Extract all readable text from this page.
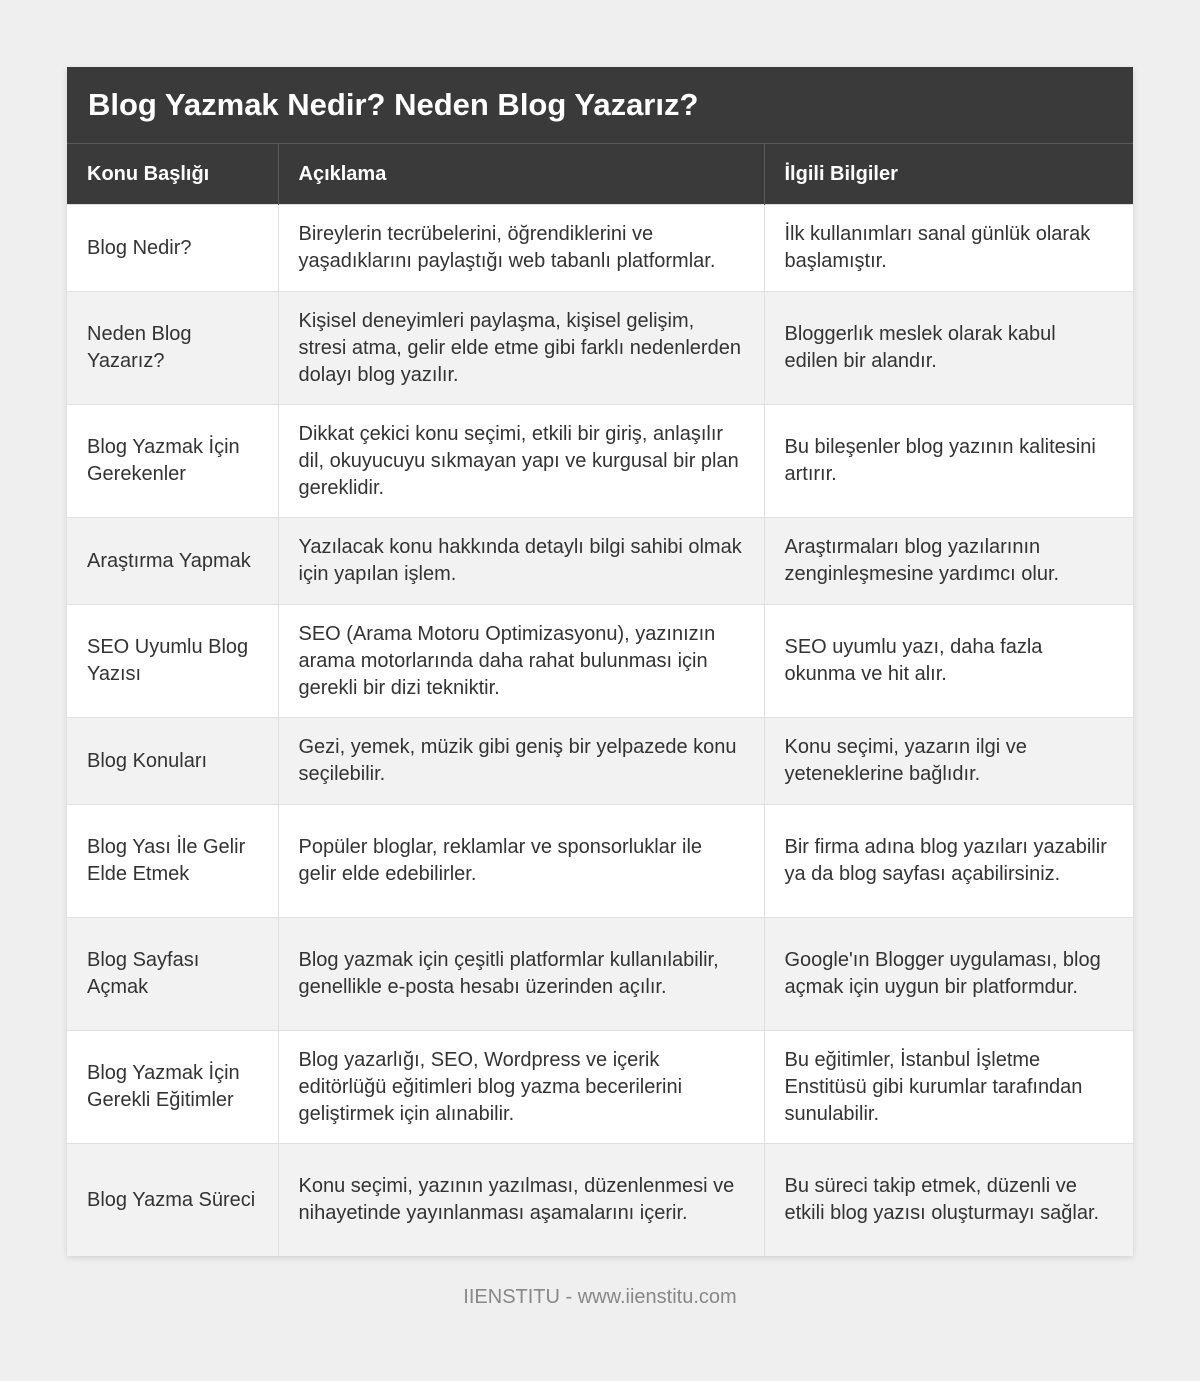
Blog Yazmak Nedir? Neden Blog Yazarız?
Konu Başlığı	Açıklama	İlgili Bilgiler
Blog Nedir?	Bireylerin tecrübelerini, öğrendiklerini ve yaşadıklarını paylaştığı web tabanlı platformlar.	İlk kullanımları sanal günlük olarak başlamıştır.
Neden Blog Yazarız?	Kişisel deneyimleri paylaşma, kişisel gelişim, stresi atma, gelir elde etme gibi farklı nedenlerden dolayı blog yazılır.	Bloggerlık meslek olarak kabul edilen bir alandır.
Blog Yazmak İçin Gerekenler	Dikkat çekici konu seçimi, etkili bir giriş, anlaşılır dil, okuyucuyu sıkmayan yapı ve kurgusal bir plan gereklidir.	Bu bileşenler blog yazının kalitesini artırır.
Araştırma Yapmak	Yazılacak konu hakkında detaylı bilgi sahibi olmak için yapılan işlem.	Araştırmaları blog yazılarının zenginleşmesine yardımcı olur.
SEO Uyumlu Blog Yazısı	SEO (Arama Motoru Optimizasyonu), yazınızın arama motorlarında daha rahat bulunması için gerekli bir dizi tekniktir.	SEO uyumlu yazı, daha fazla okunma ve hit alır.
Blog Konuları	Gezi, yemek, müzik gibi geniş bir yelpazede konu seçilebilir.	Konu seçimi, yazarın ilgi ve yeteneklerine bağlıdır.
Blog Yası İle Gelir Elde Etmek	Popüler bloglar, reklamlar ve sponsorluklar ile gelir elde edebilirler.	Bir firma adına blog yazıları yazabilir ya da blog sayfası açabilirsiniz.
Blog Sayfası Açmak	Blog yazmak için çeşitli platformlar kullanılabilir, genellikle e-posta hesabı üzerinden açılır.	Google'ın Blogger uygulaması, blog açmak için uygun bir platformdur.
Blog Yazmak İçin Gerekli Eğitimler	Blog yazarlığı, SEO, Wordpress ve içerik editörlüğü eğitimleri blog yazma becerilerini geliştirmek için alınabilir.	Bu eğitimler, İstanbul İşletme Enstitüsü gibi kurumlar tarafından sunulabilir.
Blog Yazma Süreci	Konu seçimi, yazının yazılması, düzenlenmesi ve nihayetinde yayınlanması aşamalarını içerir.	Bu süreci takip etmek, düzenli ve etkili blog yazısı oluşturmayı sağlar.
IIENSTITU - www.iienstitu.com
